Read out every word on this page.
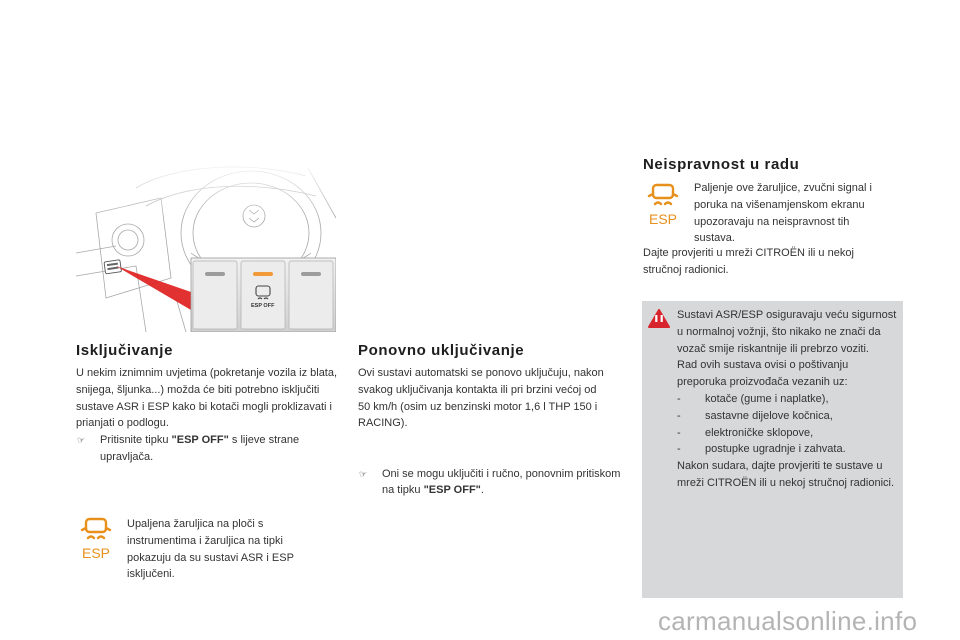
ESP OFF
Isključivanje

U nekim iznimnim uvjetima (pokretanje vozila iz blata, snijega, šljunka...) možda će biti potrebno isključiti sustave ASR i ESP kako bi kotači mogli proklizavati i prianjati o podlogu.

☞ Pritisnite tipku "ESP OFF" s lijeve strane upravljača.

ESP

Upaljena žaruljica na ploči s instrumentima i žaruljica na tipki pokazuju da su sustavi ASR i ESP isključeni.

Ponovno uključivanje

Ovi sustavi automatski se ponovo uključuju, nakon svakog uključivanja kontakta ili pri brzini većoj od 50 km/h (osim uz benzinski motor 1,6 l THP 150 i RACING).

☞ Oni se mogu uključiti i ručno, ponovnim pritiskom na tipku "ESP OFF".

Neispravnost u radu
ESP

Paljenje ove žaruljice, zvučni signal i poruka na višenamjenskom ekranu upozoravaju na neispravnost tih sustava.

Dajte provjeriti u mreži CITROËN ili u nekoj stručnoj radionici.

Sustavi ASR/ESP osiguravaju veću sigurnost u normalnoj vožnji, što nikako ne znači da vozač smije riskantnije ili prebrzo voziti.

Rad ovih sustava ovisi o poštivanju preporuka proizvođača vezanih uz:

- kotače (gume i naplatke),

- sastavne dijelove kočnica,

- elektroničke sklopove,

- postupke ugradnje i zahvata.

Nakon sudara, dajte provjeriti te sustave u mreži CITROËN ili u nekoj stručnoj radionici.

carmanualsonline.info
